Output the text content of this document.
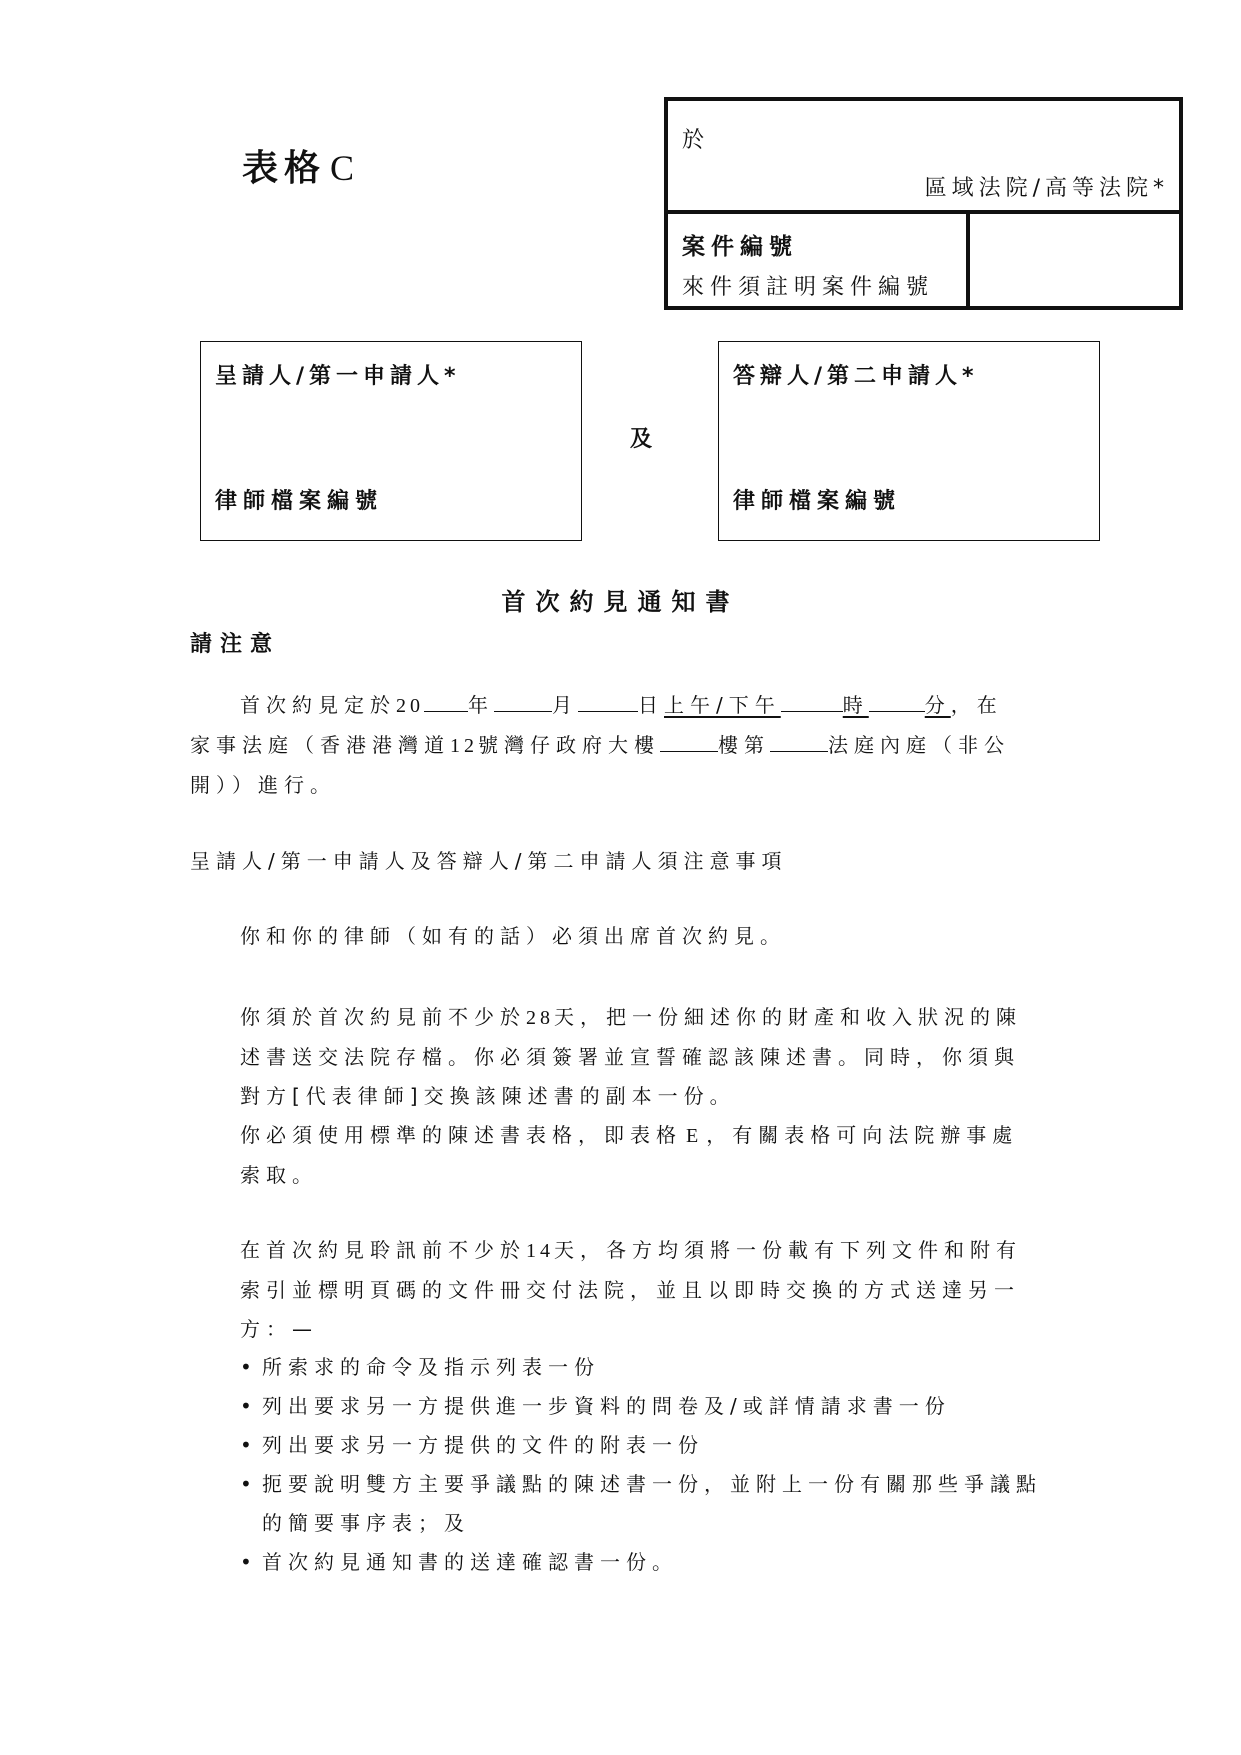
表格 C
於
區域法院/高等法院*
案件編號
來件須註明案件編號
呈請人/第一申請人*
律師檔案編號
及
答辯人/第二申請人*
律師檔案編號
首次約見通知書
請注意
首次約見定於20 年	月	日上午/下午	時	分，在
家事法庭（香港港灣道12號灣仔政府大樓	樓第	法庭內庭（非公
開））進行。
呈請人/第一申請人及答辯人/第二申請人須注意事項
你和你的律師（如有的話）必須出席首次約見。
你須於首次約見前不少於28天，把一份細述你的財產和收入狀況的陳
述書送交法院存檔。你必須簽署並宣誓確認該陳述書。同時，你須與
對方[代表律師]交換該陳述書的副本一份。
你必須使用標準的陳述書表格，即表格 E ，有關表格可向法院辦事處
索取。
在首次約見聆訊前不少於14天，各方均須將一份載有下列文件和附有
索引並標明頁碼的文件冊交付法院，並且以即時交換的方式送達另一
方：—
• 所索求的命令及指示列表一份
• 列出要求另一方提供進一步資料的問卷及/或詳情請求書一份
• 列出要求另一方提供的文件的附表一份
• 扼要說明雙方主要爭議點的陳述書一份，並附上一份有關那些爭議點的簡要事序表；及
• 首次約見通知書的送達確認書一份。
